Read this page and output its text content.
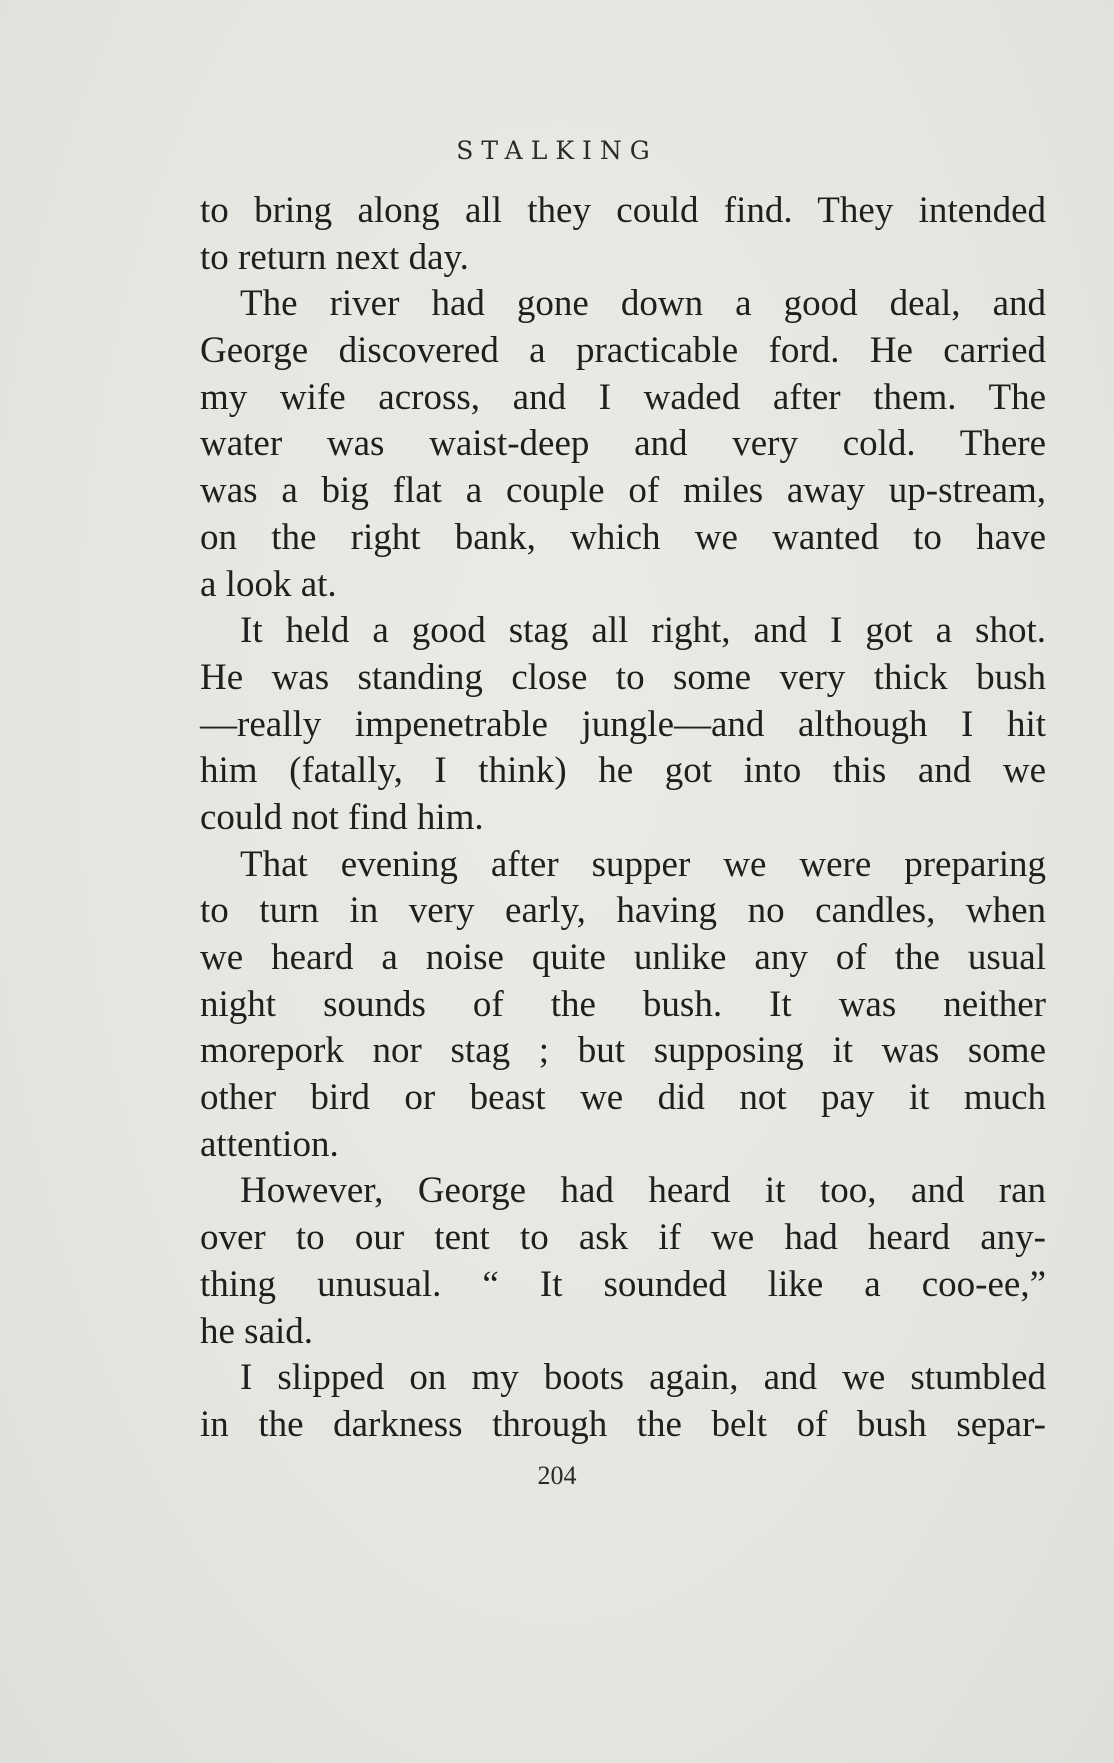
STALKING
to bring along all they could find. They intended
to return next day.
The river had gone down a good deal, and
George discovered a practicable ford. He carried
my wife across, and I waded after them. The
water was waist-deep and very cold. There
was a big flat a couple of miles away up-stream,
on the right bank, which we wanted to have
a look at.
It held a good stag all right, and I got a shot.
He was standing close to some very thick bush
—really impenetrable jungle—and although I hit
him (fatally, I think) he got into this and we
could not find him.
That evening after supper we were preparing
to turn in very early, having no candles, when
we heard a noise quite unlike any of the usual
night sounds of the bush. It was neither
morepork nor stag ; but supposing it was some
other bird or beast we did not pay it much
attention.
However, George had heard it too, and ran
over to our tent to ask if we had heard any-
thing unusual. “ It sounded like a coo-ee,”
he said.
I slipped on my boots again, and we stumbled
in the darkness through the belt of bush separ-
204
